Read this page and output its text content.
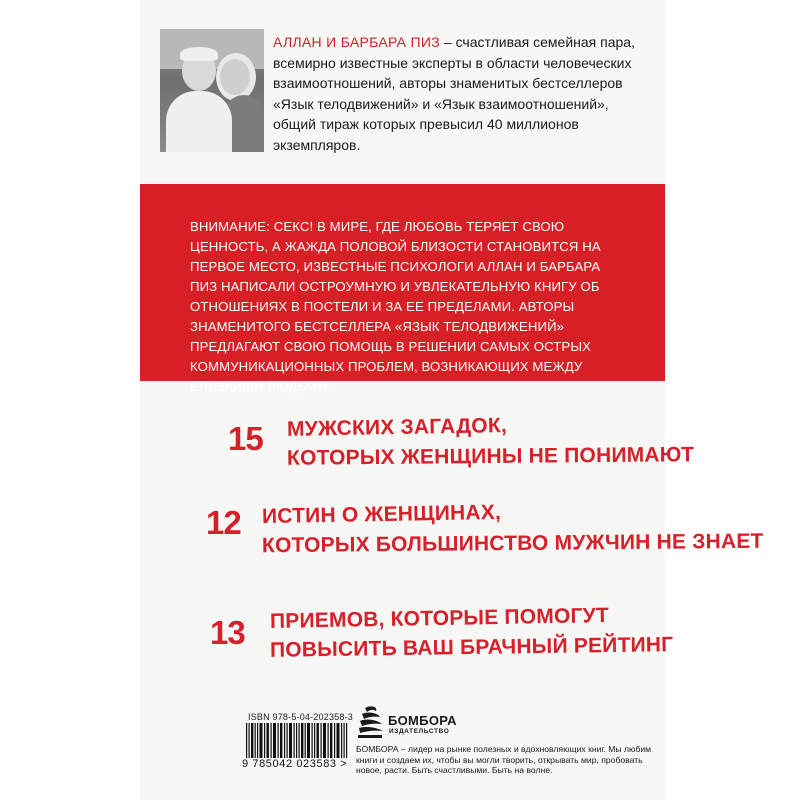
АЛЛАН И БАРБАРА ПИЗ – счастливая семейная пара, всемирно известные эксперты в области человеческих взаимоотношений, авторы знаменитых бестселлеров «Язык телодвижений» и «Язык взаимоотношений», общий тираж которых превысил 40 миллионов экземпляров.

ВНИМАНИЕ: СЕКС! В МИРЕ, ГДЕ ЛЮБОВЬ ТЕРЯЕТ СВОЮ ЦЕННОСТЬ, А ЖАЖДА ПОЛОВОЙ БЛИЗОСТИ СТАНОВИТСЯ НА ПЕРВОЕ МЕСТО, ИЗВЕСТНЫЕ ПСИХОЛОГИ АЛЛАН И БАРБАРА ПИЗ НАПИСАЛИ ОСТРОУМНУЮ И УВЛЕКАТЕЛЬНУЮ КНИГУ ОБ ОТНОШЕНИЯХ В ПОСТЕЛИ И ЗА ЕЕ ПРЕДЕЛАМИ. АВТОРЫ ЗНАМЕНИТОГО БЕСТСЕЛЛЕРА «ЯЗЫК ТЕЛОДВИЖЕНИЙ» ПРЕДЛАГАЮТ СВОЮ ПОМОЩЬ В РЕШЕНИИ САМЫХ ОСТРЫХ КОММУНИКАЦИОННЫХ ПРОБЛЕМ, ВОЗНИКАЮЩИХ МЕЖДУ БЛИЗКИМИ ЛЮДЬМИ.

15 МУЖСКИХ ЗАГАДОК,
КОТОРЫХ ЖЕНЩИНЫ НЕ ПОНИМАЮТ
12 ИСТИН О ЖЕНЩИНАХ,
КОТОРЫХ БОЛЬШИНСТВО МУЖЧИН НЕ ЗНАЕТ
13 ПРИЕМОВ, КОТОРЫЕ ПОМОГУТ
ПОВЫСИТЬ ВАШ БРАЧНЫЙ РЕЙТИНГ
ISBN 978-5-04-202358-3
9 785042 023583 >
БОМБОРА
ИЗДАТЕЛЬСТВО

БОМБОРА – лидер на рынке полезных и вдохновляющих книг. Мы любим книги и создаем их, чтобы вы могли творить, открывать мир, пробовать новое, расти. Быть счастливыми. Быть на волне.
